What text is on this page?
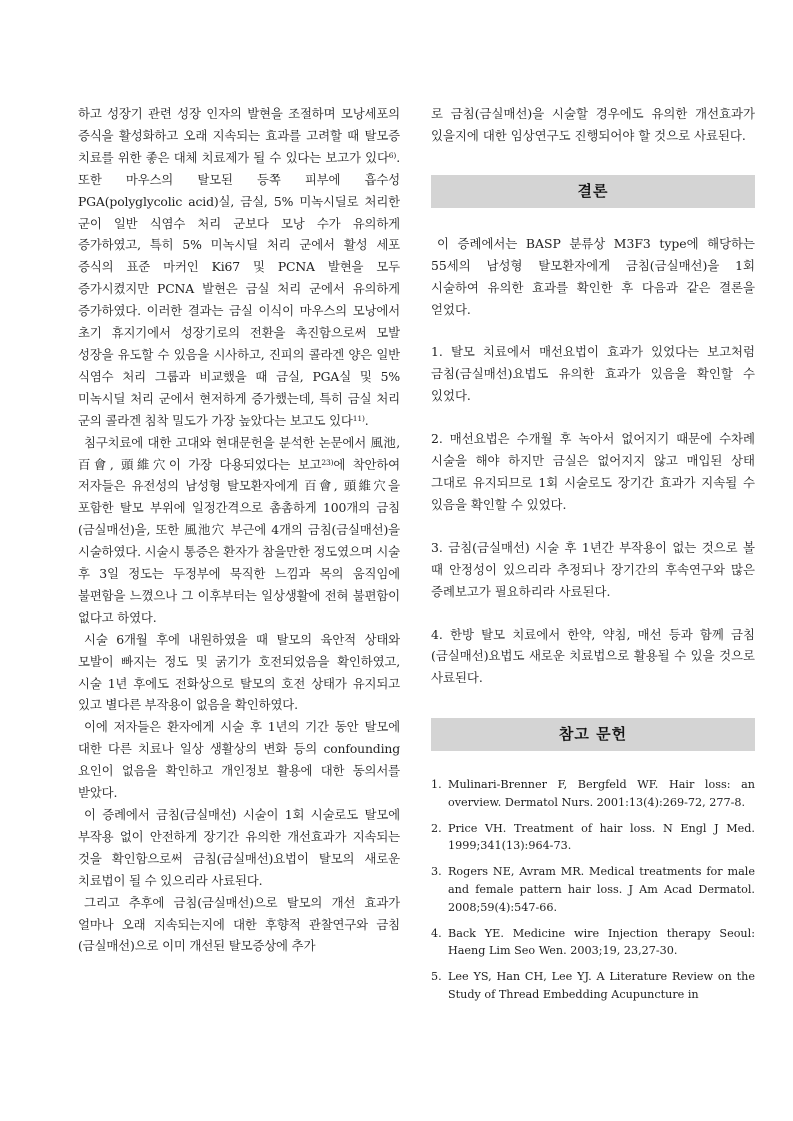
하고 성장기 관련 성장 인자의 발현을 조절하며 모낭세포의 증식을 활성화하고 오래 지속되는 효과를 고려할 때 탈모증 치료를 위한 좋은 대체 치료제가 될 수 있다는 보고가 있다$^{6)}$. 또한 마우스의 탈모된 등쪽 피부에 흡수성 PGA(polyglycolic acid)실, 금실, 5% 미녹시딜로 처리한 군이 일반 식염수 처리 군보다 모낭 수가 유의하게 증가하였고, 특히 5% 미녹시딜 처리 군에서 활성 세포 증식의 표준 마커인 Ki67 및 PCNA 발현을 모두 증가시켰지만 PCNA 발현은 금실 처리 군에서 유의하게 증가하였다. 이러한 결과는 금실 이식이 마우스의 모낭에서 초기 휴지기에서 성장기로의 전환을 촉진함으로써 모발 성장을 유도할 수 있음을 시사하고, 진피의 콜라겐 양은 일반 식염수 처리 그룹과 비교했을 때 금실, PGA실 및 5% 미녹시딜 처리 군에서 현저하게 증가했는데, 특히 금실 처리 군의 콜라겐 침착 밀도가 가장 높았다는 보고도 있다$^{11)}$.

침구치료에 대한 고대와 현대문헌을 분석한 논문에서 風池, 百會, 頭維穴이 가장 다용되었다는 보고$^{23)}$에 착안하여 저자들은 유전성의 남성형 탈모환자에게 百會, 頭維穴을 포함한 탈모 부위에 일정간격으로 촘촘하게 100개의 금침(금실매선)을, 또한 風池穴 부근에 4개의 금침(금실매선)을 시술하였다. 시술시 통증은 환자가 참을만한 정도였으며 시술 후 3일 정도는 두정부에 묵직한 느낌과 목의 움직임에 불편함을 느꼈으나 그 이후부터는 일상생활에 전혀 불편함이 없다고 하였다.

시술 6개월 후에 내원하였을 때 탈모의 육안적 상태와 모발이 빠지는 정도 및 굵기가 호전되었음을 확인하였고, 시술 1년 후에도 전화상으로 탈모의 호전 상태가 유지되고 있고 별다른 부작용이 없음을 확인하였다.

이에 저자들은 환자에게 시술 후 1년의 기간 동안 탈모에 대한 다른 치료나 일상 생활상의 변화 등의 confounding 요인이 없음을 확인하고 개인정보 활용에 대한 동의서를 받았다.

이 증례에서 금침(금실매선) 시술이 1회 시술로도 탈모에 부작용 없이 안전하게 장기간 유의한 개선효과가 지속되는 것을 확인함으로써 금침(금실매선)요법이 탈모의 새로운 치료법이 될 수 있으리라 사료된다.

그리고 추후에 금침(금실매선)으로 탈모의 개선 효과가 얼마나 오래 지속되는지에 대한 후향적 관찰연구와 금침(금실매선)으로 이미 개선된 탈모증상에 추가

로 금침(금실매선)을 시술할 경우에도 유의한 개선효과가 있을지에 대한 임상연구도 진행되어야 할 것으로 사료된다.

결론

이 증례에서는 BASP 분류상 M3F3 type에 해당하는 55세의 남성형 탈모환자에게 금침(금실매선)을 1회 시술하여 유의한 효과를 확인한 후 다음과 같은 결론을 얻었다.

1. 탈모 치료에서 매선요법이 효과가 있었다는 보고처럼 금침(금실매선)요법도 유의한 효과가 있음을 확인할 수 있었다.

2. 매선요법은 수개월 후 녹아서 없어지기 때문에 수차례 시술을 해야 하지만 금실은 없어지지 않고 매입된 상태 그대로 유지되므로 1회 시술로도 장기간 효과가 지속될 수 있음을 확인할 수 있었다.

3. 금침(금실매선) 시술 후 1년간 부작용이 없는 것으로 볼 때 안정성이 있으리라 추정되나 장기간의 후속연구와 많은 증례보고가 필요하리라 사료된다.

4. 한방 탈모 치료에서 한약, 약침, 매선 등과 함께 금침(금실매선)요법도 새로운 치료법으로 활용될 수 있을 것으로 사료된다.

참고 문헌
1. Mulinari-Brenner F, Bergfeld WF. Hair loss: an overview. Dermatol Nurs. 2001:13(4):269-72, 277-8.
2. Price VH. Treatment of hair loss. N Engl J Med. 1999;341(13):964-73.
3. Rogers NE, Avram MR. Medical treatments for male and female pattern hair loss. J Am Acad Dermatol. 2008;59(4):547-66.
4. Back YE. Medicine wire Injection therapy Seoul: Haeng Lim Seo Wen. 2003;19, 23,27-30.
5. Lee YS, Han CH, Lee YJ. A Literature Review on the Study of Thread Embedding Acupuncture in
